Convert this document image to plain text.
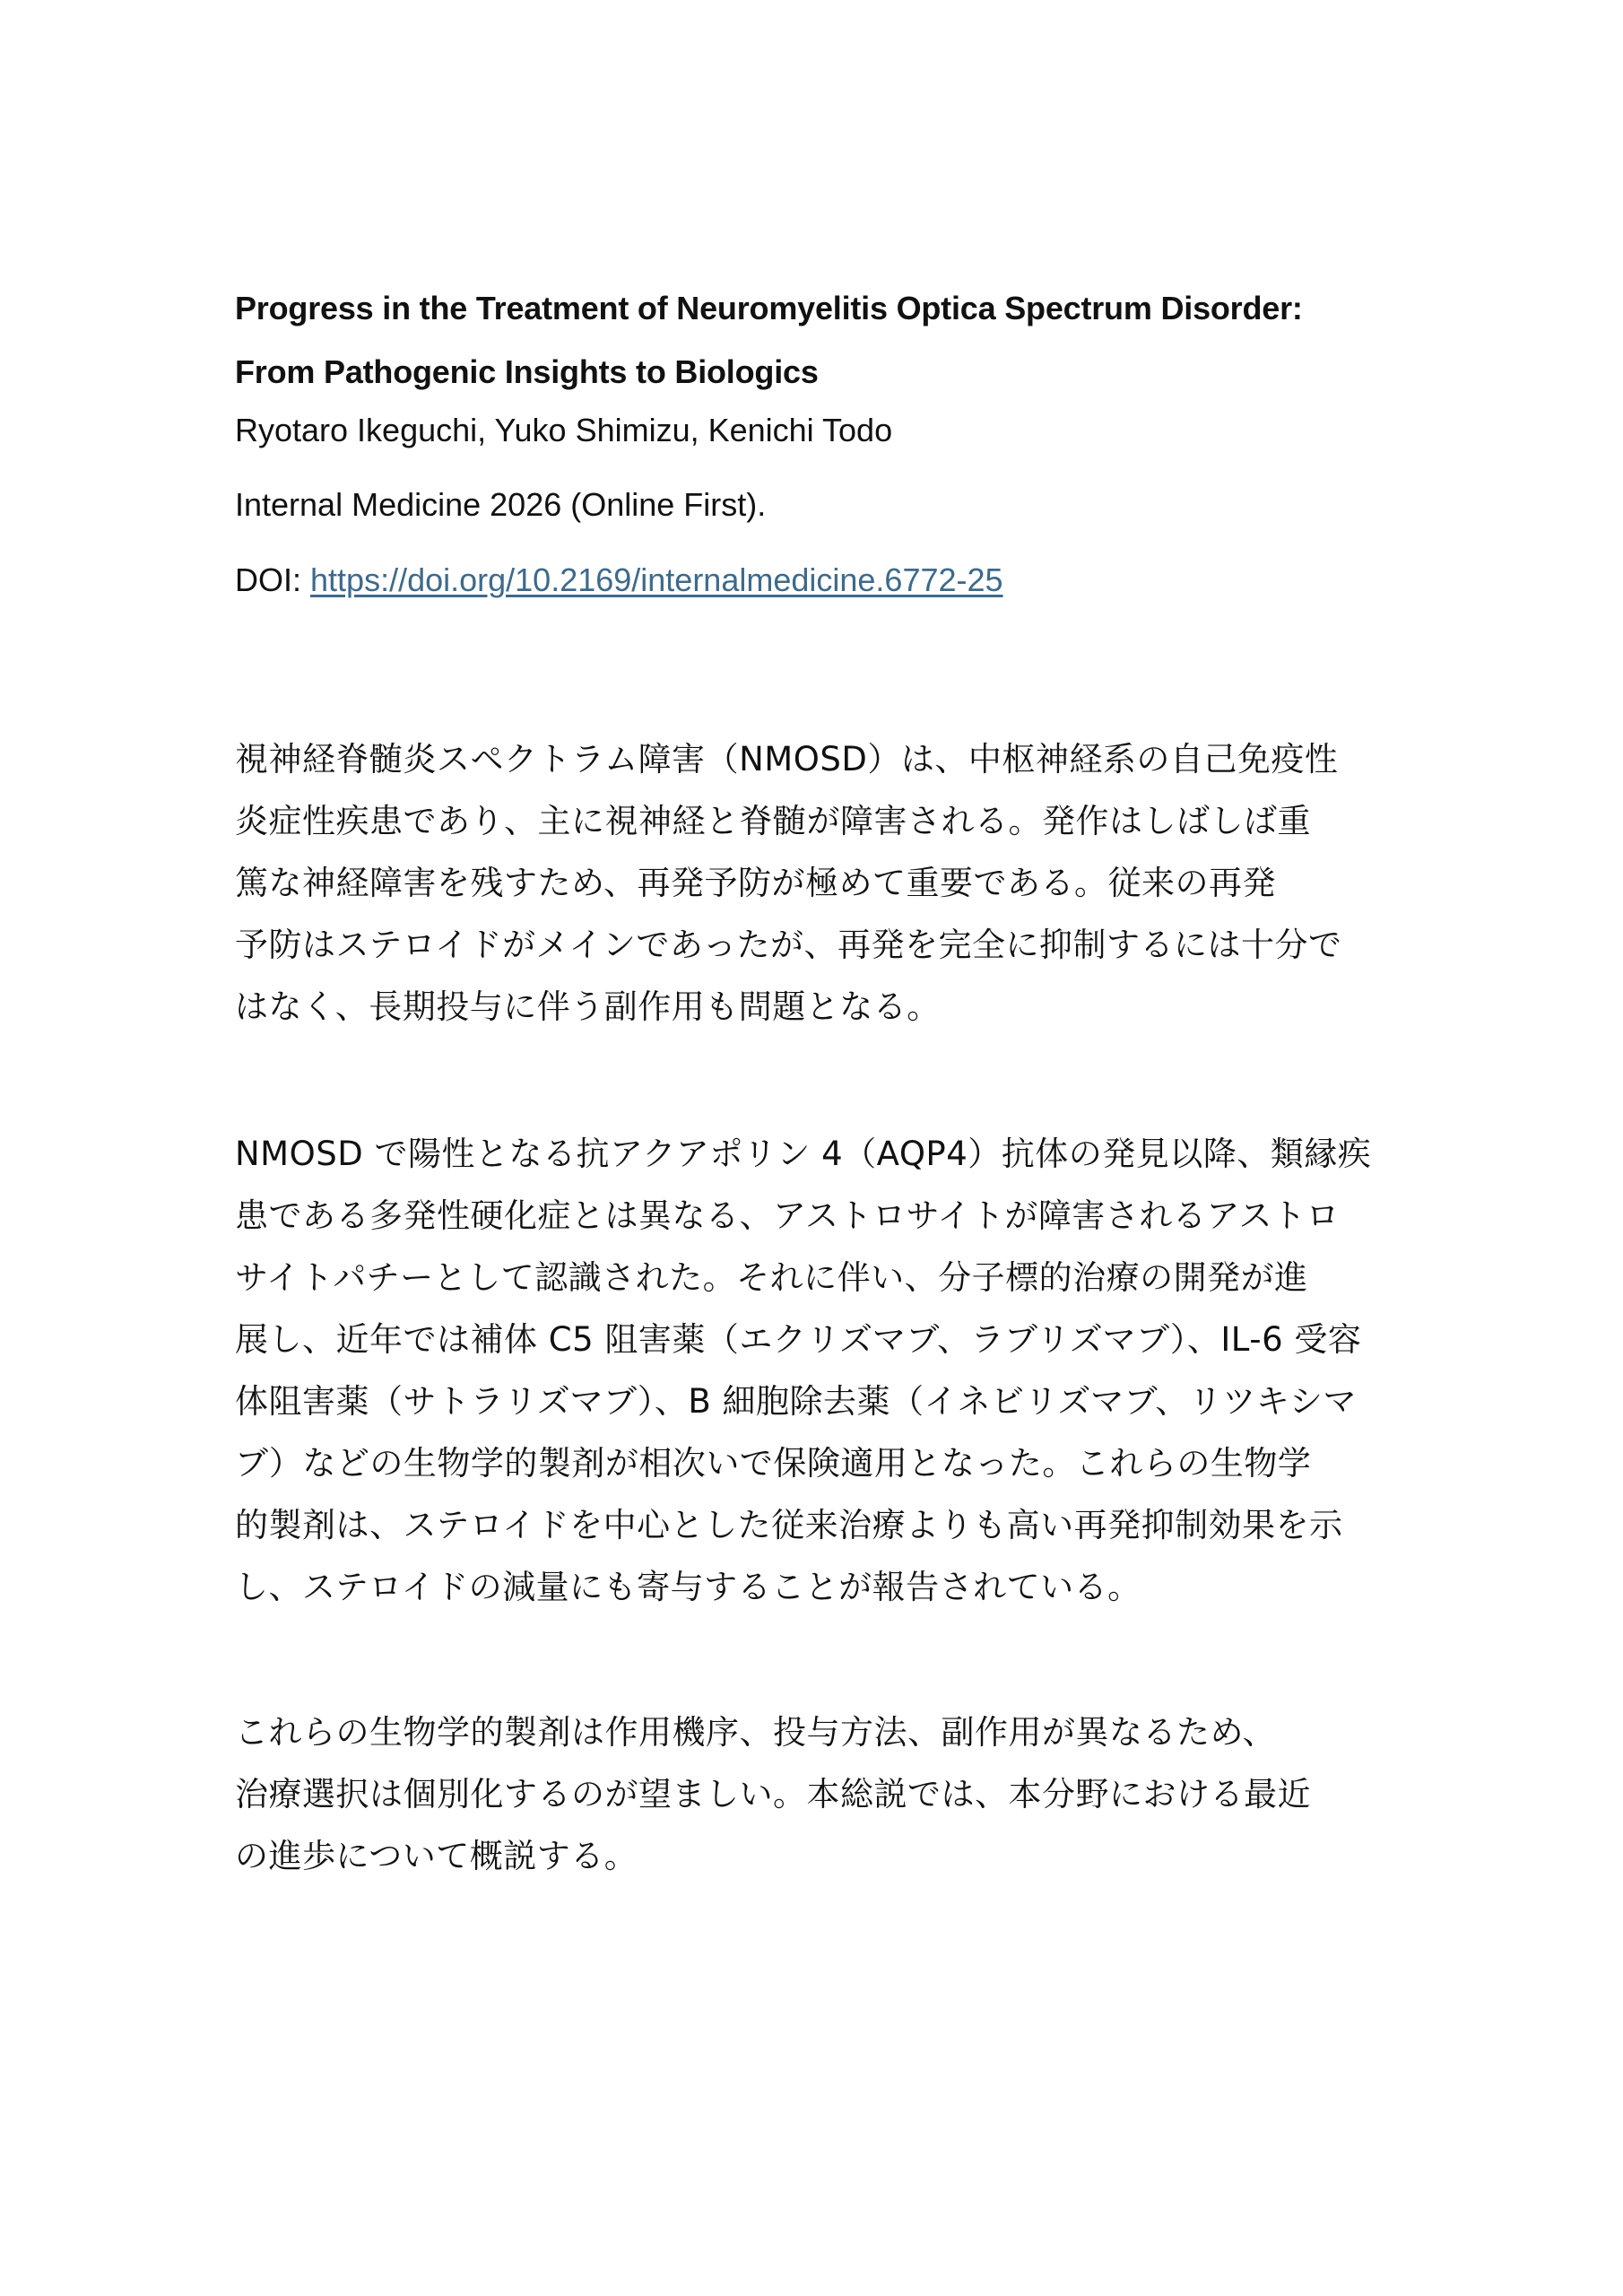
Progress in the Treatment of Neuromyelitis Optica Spectrum Disorder:
From Pathogenic Insights to Biologics

Ryotaro Ikeguchi, Yuko Shimizu, Kenichi Todo

Internal Medicine 2026 (Online First).

DOI: https://doi.org/10.2169/internalmedicine.6772-25

視神経脊髄炎スペクトラム障害（NMOSD）は、中枢神経系の自己免疫性
炎症性疾患であり、主に視神経と脊髄が障害される。発作はしばしば重
篤な神経障害を残すため、再発予防が極めて重要である。従来の再発
予防はステロイドがメインであったが、再発を完全に抑制するには十分で
はなく、長期投与に伴う副作用も問題となる。
NMOSD で陽性となる抗アクアポリン 4（AQP4）抗体の発見以降、類縁疾
患である多発性硬化症とは異なる、アストロサイトが障害されるアストロ
サイトパチーとして認識された。それに伴い、分子標的治療の開発が進
展し、近年では補体 C5 阻害薬（エクリズマブ、ラブリズマブ）、IL-6 受容
体阻害薬（サトラリズマブ）、B 細胞除去薬（イネビリズマブ、リツキシマ
ブ）などの生物学的製剤が相次いで保険適用となった。これらの生物学
的製剤は、ステロイドを中心とした従来治療よりも高い再発抑制効果を示
し、ステロイドの減量にも寄与することが報告されている。
これらの生物学的製剤は作用機序、投与方法、副作用が異なるため、
治療選択は個別化するのが望ましい。本総説では、本分野における最近
の進歩について概説する。
